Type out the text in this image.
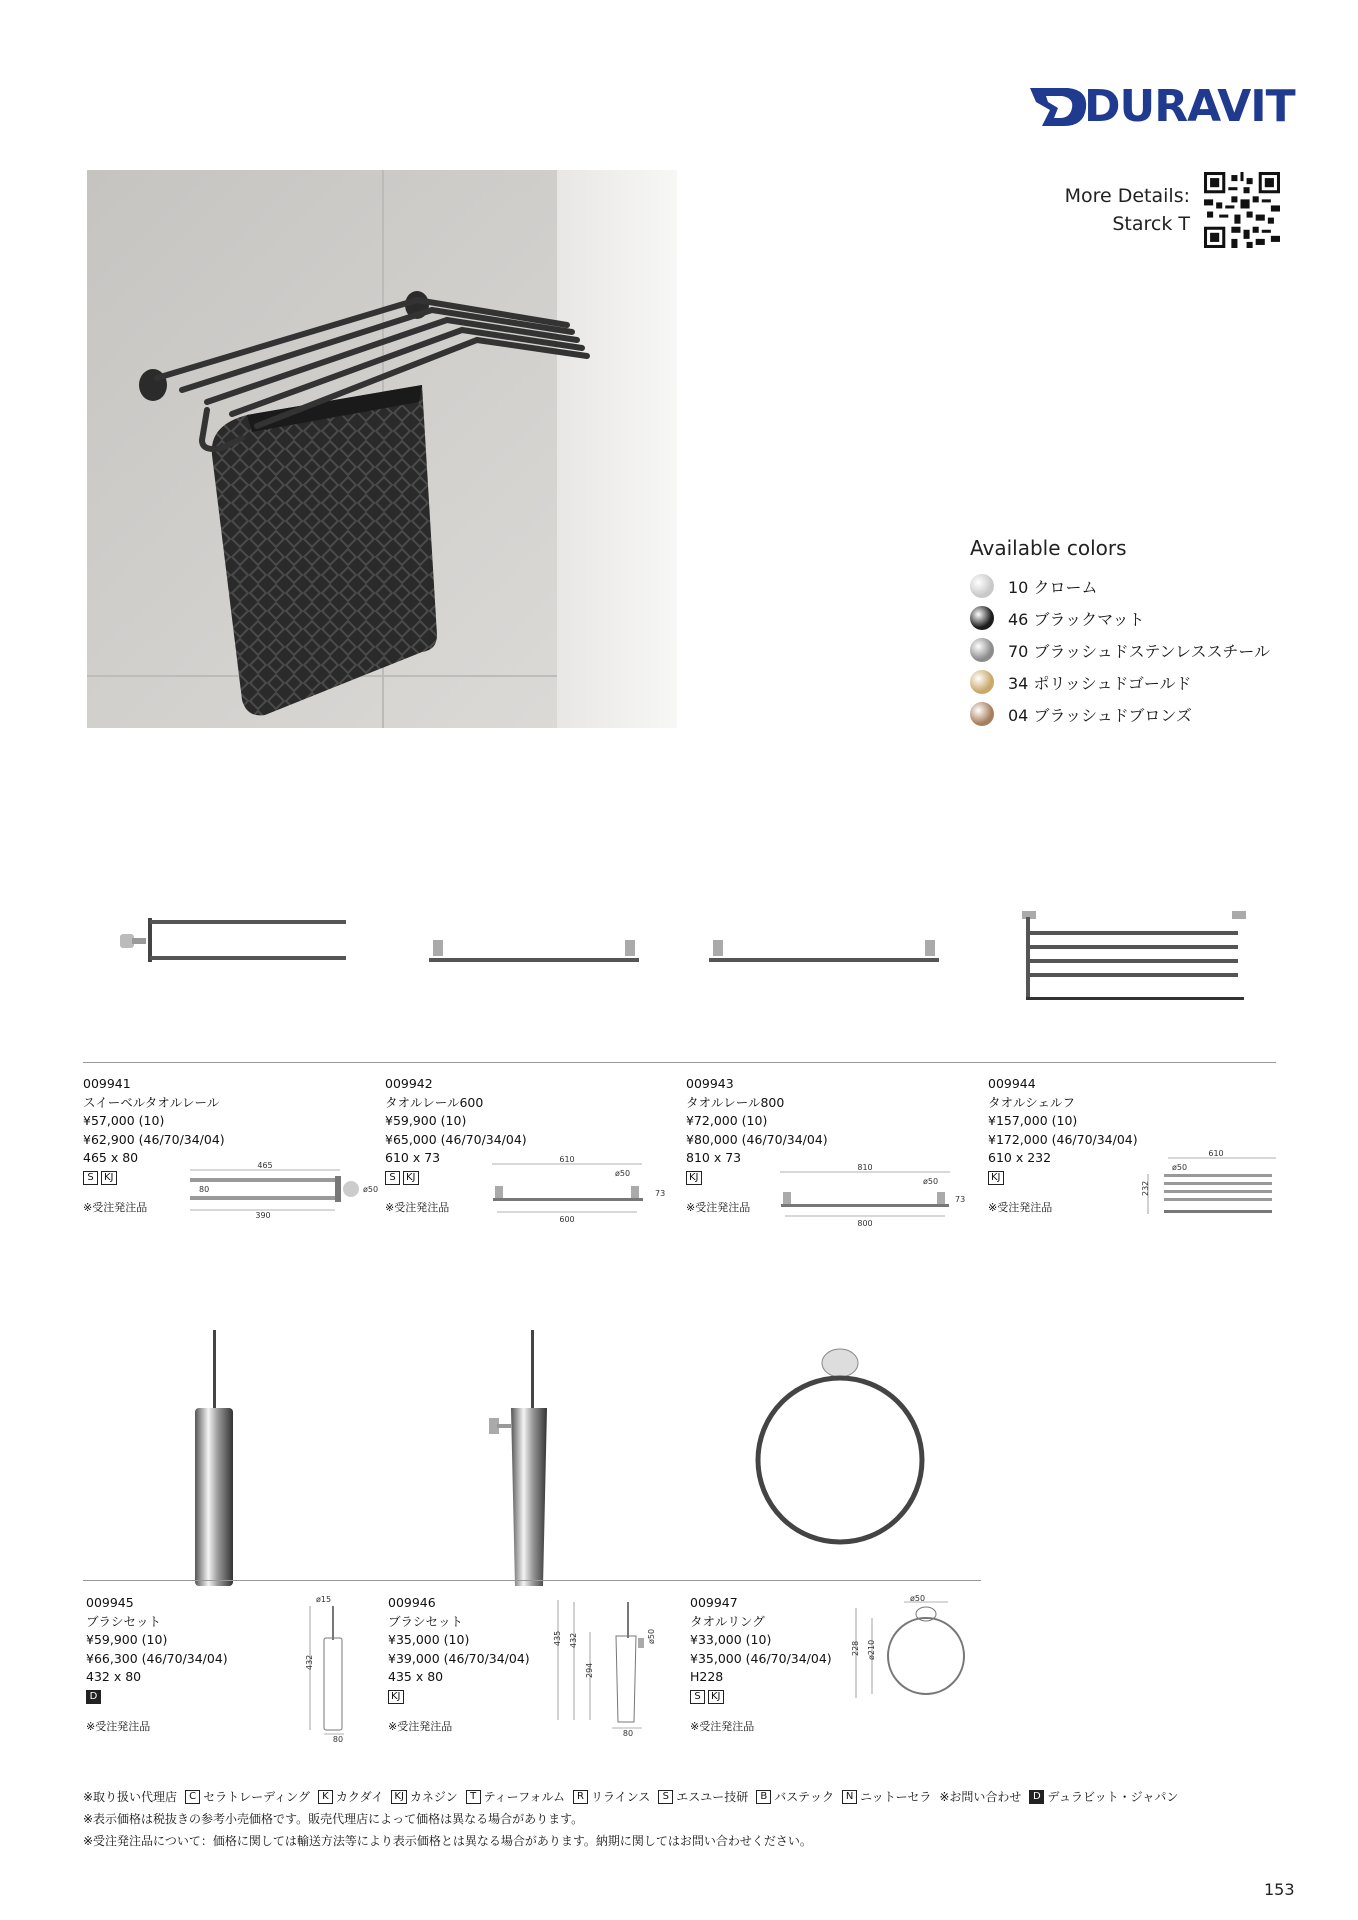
DURAVIT
More Details:
Starck T
Available colors
10 クローム
46 ブラックマット
70 ブラッシュドステンレススチール
34 ポリッシュドゴールド
04 ブラッシュドブロンズ
009941
スイーベルタオルレール
¥57,000 (10)
¥62,900 (46/70/34/04)
465 x 80
S	KJ
※受注発注品
465
80
390
ø50
009942
タオルレール600
¥59,900 (10)
¥65,000 (46/70/34/04)
610 x 73
S	KJ
※受注発注品
610
ø50
73
600
009943
タオルレール800
¥72,000 (10)
¥80,000 (46/70/34/04)
810 x 73
KJ
※受注発注品
810
ø50
73
800
009944
タオルシェルフ
¥157,000 (10)
¥172,000 (46/70/34/04)
610 x 232
KJ
※受注発注品
610
ø50
232
009945
ブラシセット
¥59,900 (10)
¥66,300 (46/70/34/04)
432 x 80
D
※受注発注品
ø15
432
80
009946
ブラシセット
¥35,000 (10)
¥39,000 (46/70/34/04)
435 x 80
KJ
※受注発注品
435 432
294
ø50
80
009947
タオルリング
¥33,000 (10)
¥35,000 (46/70/34/04)
H228
S	KJ
※受注発注品
ø50
228 ø210
※取り扱い代理店	C セラトレーディング	K カクダイ	KJ カネジン	T ティーフォルム	R リラインス	S エスユー技研	B バステック	N ニットーセラ ※お問い合わせ	D デュラビット・ジャパン
※表示価格は税抜きの参考小売価格です。販売代理店によって価格は異なる場合があります。
※受注発注品について：価格に関しては輸送方法等により表示価格とは異なる場合があります。納期に関してはお問い合わせください。
153
